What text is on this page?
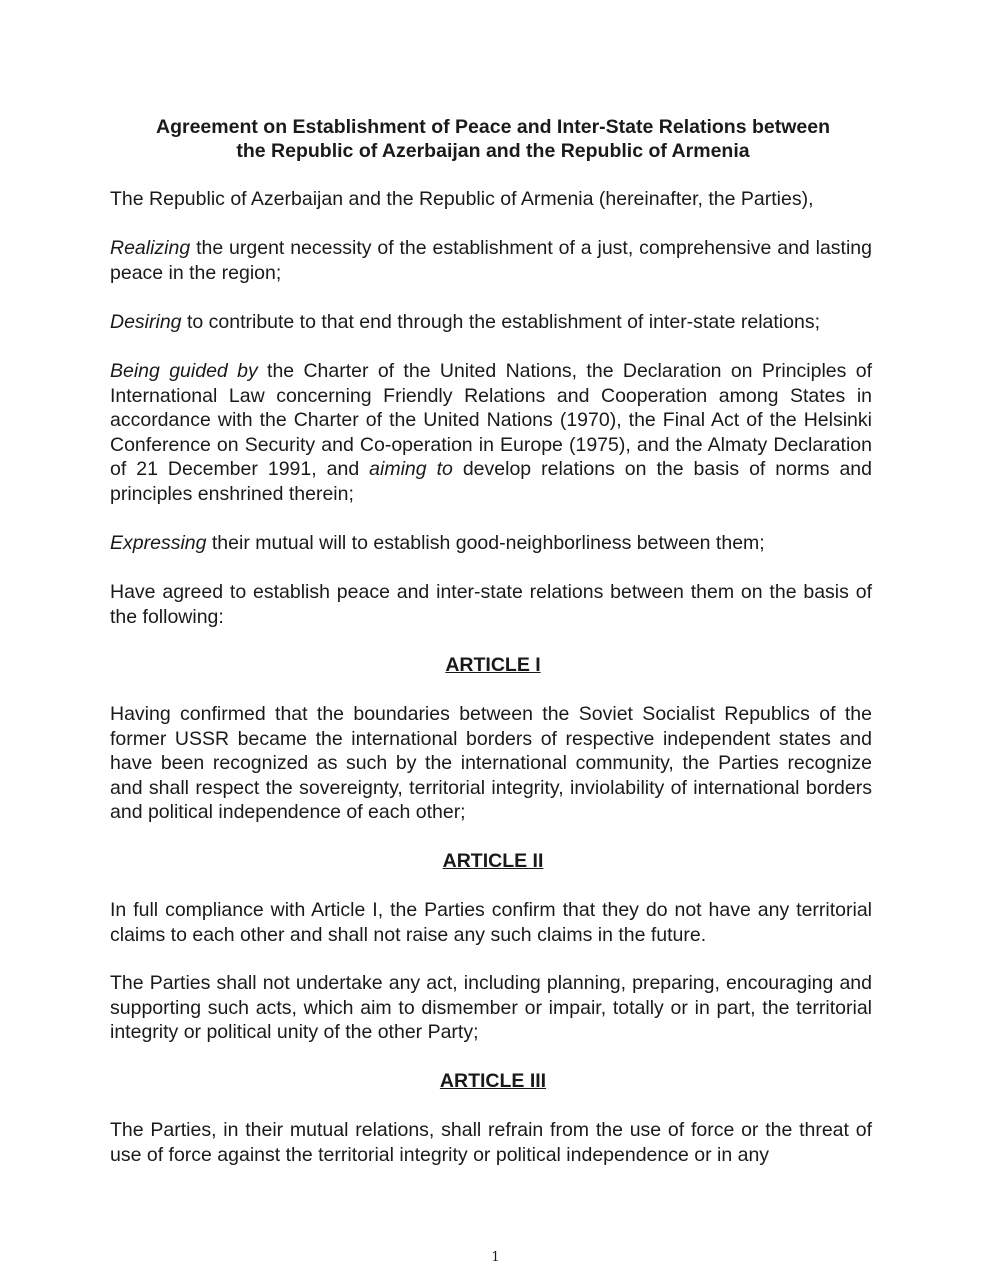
Agreement on Establishment of Peace and Inter-State Relations between
the Republic of Azerbaijan and the Republic of Armenia
The Republic of Azerbaijan and the Republic of Armenia (hereinafter, the Parties),
Realizing the urgent necessity of the establishment of a just, comprehensive and lasting peace in the region;
Desiring to contribute to that end through the establishment of inter-state relations;
Being guided by the Charter of the United Nations, the Declaration on Principles of International Law concerning Friendly Relations and Cooperation among States in accordance with the Charter of the United Nations (1970), the Final Act of the Helsinki Conference on Security and Co-operation in Europe (1975), and the Almaty Declaration of 21 December 1991, and aiming to develop relations on the basis of norms and principles enshrined therein;
Expressing their mutual will to establish good-neighborliness between them;
Have agreed to establish peace and inter-state relations between them on the basis of the following:
ARTICLE I
Having confirmed that the boundaries between the Soviet Socialist Republics of the former USSR became the international borders of respective independent states and have been recognized as such by the international community, the Parties recognize and shall respect the sovereignty, territorial integrity, inviolability of international borders and political independence of each other;
ARTICLE II
In full compliance with Article I, the Parties confirm that they do not have any territorial claims to each other and shall not raise any such claims in the future.
The Parties shall not undertake any act, including planning, preparing, encouraging and supporting such acts, which aim to dismember or impair, totally or in part, the territorial integrity or political unity of the other Party;
ARTICLE III
The Parties, in their mutual relations, shall refrain from the use of force or the threat of use of force against the territorial integrity or political independence or in any
1
